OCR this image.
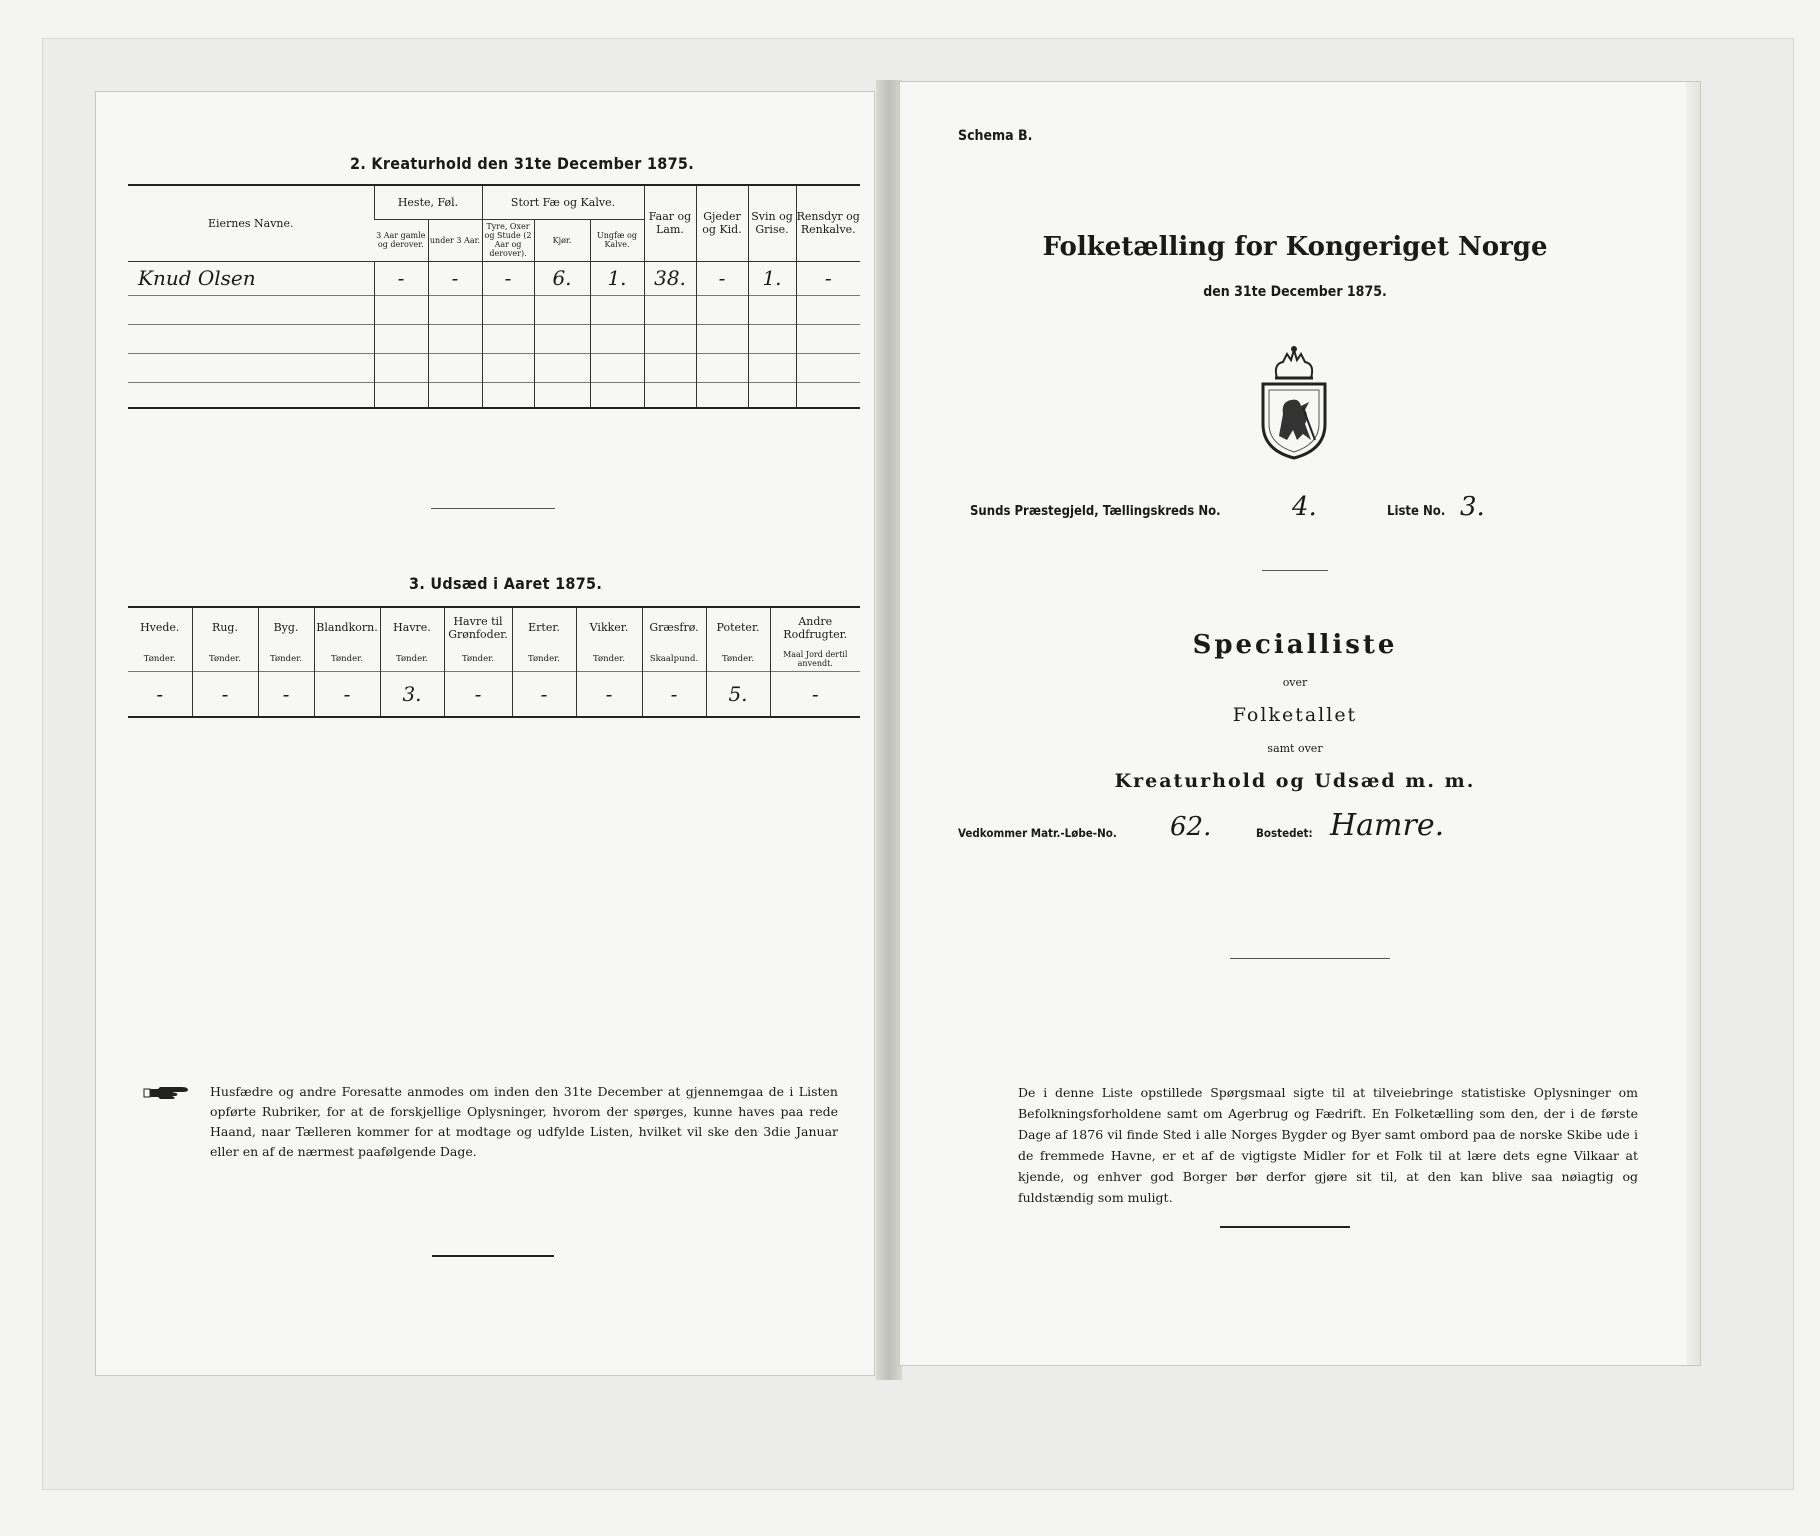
2. Kreaturhold den 31te December 1875.
Eiernes Navne.	Heste, Føl.		Stort Fæ og Kalve.			Faar og Lam.	Gjeder og Kid.	Svin og Grise.	Rensdyr og Renkalve.
	3 Aar gamle og derover.	under 3 Aar.	Tyre, Oxer og Stude (2 Aar og derover).	Kjør.	Ungfæ og Kalve.				
Knud Olsen	-	-	-	6.	1.	38.	-	1.	-

3. Udsæd i Aaret 1875.
Hvede.	Rug.	Byg.	Blandkorn.	Havre.	Havre til Grønfoder.	Erter.	Vikker.	Græsfrø.	Poteter.	Andre Rodfrugter.
Tønder.	Tønder.	Tønder.	Tønder.	Tønder.	Tønder.	Tønder.	Tønder.	Skaalpund.	Tønder.	Maal Jord dertil anvendt.
-	-	-	-	3.	-	-	-	-	5.	-
Husfædre og andre Foresatte anmodes om inden den 31te December at gjennemgaa de i Listen opførte Rubriker, for at de forskjellige Oplysninger, hvorom der spørges, kunne haves paa rede Haand, naar Tælleren kommer for at modtage og udfylde Listen, hvilket vil ske den 3die Januar eller en af de nærmest paafølgende Dage.
Schema B.
Folketælling for Kongeriget Norge
den 31te December 1875.
Sunds Præstegjeld, Tællingskreds No.	4.	Liste No. 3.
Specialliste
over
Folketallet
samt over
Kreaturhold og Udsæd m. m.
Vedkommer Matr.-Løbe-No. 62.	Bostedet: Hamre.
De i denne Liste opstillede Spørgsmaal sigte til at tilveiebringe statistiske Oplysninger om Befolkningsforholdene samt om Agerbrug og Fædrift. En Folketælling som den, der i de første Dage af 1876 vil finde Sted i alle Norges Bygder og Byer samt ombord paa de norske Skibe ude i de fremmede Havne, er et af de vigtigste Midler for et Folk til at lære dets egne Vilkaar at kjende, og enhver god Borger bør derfor gjøre sit til, at den kan blive saa nøiagtig og fuldstændig som muligt.
